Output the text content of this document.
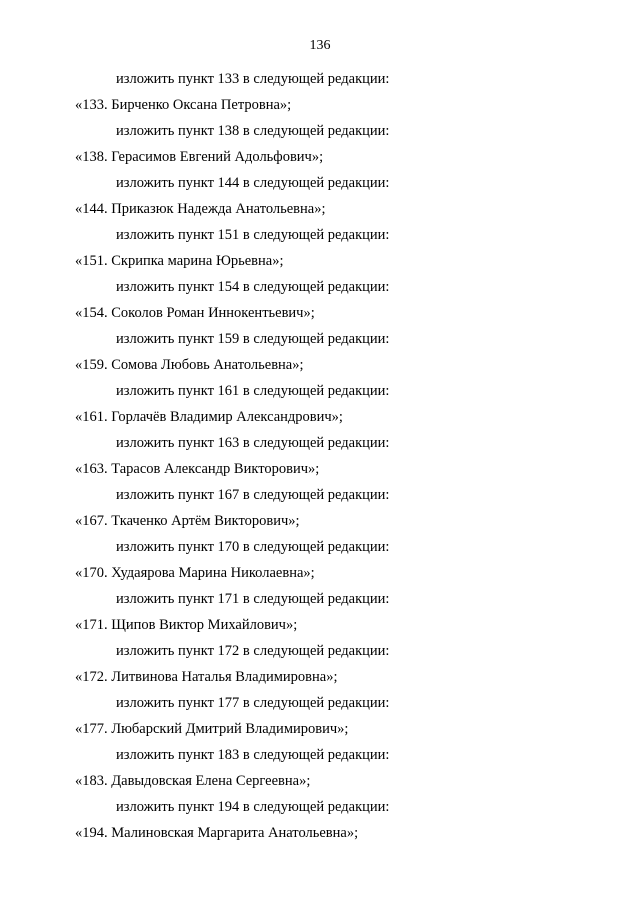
136
изложить пункт 133 в следующей редакции:
«133. Бирченко Оксана Петровна»;
изложить пункт 138 в следующей редакции:
«138. Герасимов Евгений Адольфович»;
изложить пункт 144 в следующей редакции:
«144. Приказюк Надежда Анатольевна»;
изложить пункт 151 в следующей редакции:
«151. Скрипка марина Юрьевна»;
изложить пункт 154 в следующей редакции:
«154. Соколов Роман Иннокентьевич»;
изложить пункт 159 в следующей редакции:
«159. Сомова Любовь Анатольевна»;
изложить пункт 161 в следующей редакции:
«161. Горлачёв Владимир Александрович»;
изложить пункт 163 в следующей редакции:
«163. Тарасов Александр Викторович»;
изложить пункт 167 в следующей редакции:
«167. Ткаченко Артём Викторович»;
изложить пункт 170 в следующей редакции:
«170. Худаярова Марина Николаевна»;
изложить пункт 171 в следующей редакции:
«171. Щипов Виктор Михайлович»;
изложить пункт 172 в следующей редакции:
«172. Литвинова Наталья Владимировна»;
изложить пункт 177 в следующей редакции:
«177. Любарский Дмитрий Владимирович»;
изложить пункт 183 в следующей редакции:
«183. Давыдовская Елена Сергеевна»;
изложить пункт 194 в следующей редакции:
«194. Малиновская Маргарита Анатольевна»;
